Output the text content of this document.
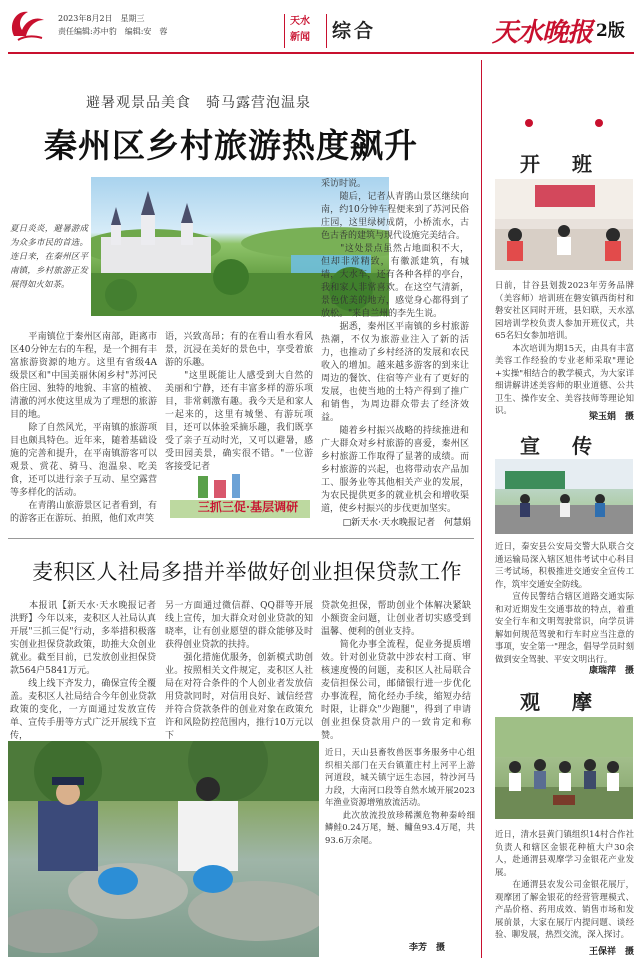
2023年8月2日　星期三
责任编辑:苏中豹　编辑:安　蓉
天水
新闻 综合	天水晚报 2版
避暑观景品美食　骑马露营泡温泉
秦州区乡村旅游热度飙升
夏日炎炎，避暑游成为众多市民的首选。连日来，在秦州区平南镇，乡村旅游正发展得如火如茶。
　　平南镇位于秦州区南部，距离市区40分钟左右的车程，是一个拥有丰富旅游资源的地方。这里有省级4A级景区和"中国美丽休闲乡村"苏河民俗庄园、独特的地貌、丰富的植被、清澈的河水使这里成为了理想的旅游目的地。
　　除了自然风光，平南镇的旅游项目也颇具特色。近年来，随着基础设施的完善和提升，在平南镇游客可以观景、赏花、骑马、泡温泉、吃美食，还可以进行亲子互动、星空露营等多样化的活动。
　　在青鹃山旅游景区记者看到，有的游客正在游玩、拍照，他们欢声笑
语，兴致高昂；有的在看山看水看风景，沉浸在美好的景色中，享受着旅游的乐趣。
　　"这里既能让人感受到大自然的美丽和宁静，还有丰富多样的游乐项目，非常刺激有趣。我今天是和家人一起来的，这里有城堡、有游玩项目，还可以体验采摘乐趣，我们既享受了亲子互动时光，又可以避暑，感受田园美景，确实很不错。"一位游客接受记者
三抓三促·基层调研
采访时说。
　　随后，记者从青鹃山景区继续向南，约10分钟车程便来到了苏河民俗庄园，这里绿树成荫，小桥流水，古色古香的建筑与现代设施完美结合。
　　"这处景点虽然占地面积不大，但却非常精致，有徽派建筑，有城墙，大水车，还有各种各样的亭台，我和家人非常喜欢。在这空气清新，景色优美的地方，感觉身心都得到了放松。"来自兰州的李先生说。
　　据悉，秦州区平南镇的乡村旅游热潮，不仅为旅游业注入了新的活力，也推动了乡村经济的发展和农民收入的增加。越来越多游客的到来让周边的餐饮、住宿等产业有了更好的发展，也使当地的土特产得到了推广和销售，为周边群众带去了经济效益。
　　随着乡村振兴战略的持续推进和广大群众对乡村旅游的喜爱，秦州区乡村旅游工作取得了显著的成绩。而乡村旅游的兴起，也将带动农产品加工、服务业等其他相关产业的发展，为农民提供更多的就业机会和增收渠道，使乡村振兴的步伐更加坚实。
□新天水·天水晚报记者　何慧娟
麦积区人社局多措并举做好创业担保贷款工作
　　本报讯【新天水·天水晚报记者洪野】今年以来，麦积区人社局认真开展"三抓三促"行动，多举措积极落实创业担保贷款政策，助推大众创业就业。截至目前，已发放创业担保贷款564户5841万元。
　　线上线下齐发力，确保宣传全覆盖。麦积区人社局结合今年创业贷款政策的变化，一方面通过发放宣传单、宣传手册等方式广泛开展线下宣传，
另一方面通过微信群、QQ群等开展线上宣传，加大群众对创业贷款的知晓率，让有创业愿望的群众能够及时获得创业贷款的扶持。
　　强化措施优服务，创新模式助创业。按照相关文件规定，麦积区人社局在对符合条件的个人创业者发放信用贷款同时，对信用良好、诚信经营并符合贷款条件的创业对象在政策允许和风险防控范围内，推行10万元以下
贷款免担保，帮助创业个体解决紧缺小额资金问题，让创业者切实感受到温馨、便利的创业支持。
　　简化办事全流程，促业务提质增效。针对创业贷款中涉农村工商、审核速度慢的问题，麦积区人社局联合麦信担保公司，邮储银行进一步优化办事流程，简化经办手续，缩短办结时限，让群众"少跑腿"，得到了申请创业担保贷款用户的一致肯定和称赞。
近日，天山县畜牧兽医事务服务中心组织相关部门在天台镇董庄村上河平上游河道段，城关镇宁远生态园，特沙河马力段，大南河口段等自然水域开展2023年渔业资源增殖放流活动。
　　此次放流投放珍稀濒危物种秦岭细鳞鲑0.24万尾，鲢、鳙鱼93.4万尾，共93.6万余尾。
李芳　摄
开　班
日前，甘谷县划拨2023年劳务品牌（美容师）培训班在磐安镇西街村和磐安社区同时开班，县妇联，天水泓园培训学校负责人参加开班仪式，共65名妇女参加培训。
　　本次培训为期15天，由具有丰富美容工作经验的专业老师采取"理论+实操"相结合的教学模式，为大家详细讲解讲述美容师的职业道德、公共卫生、操作安全、美容技师等理论知识。
梁玉娟　摄
宣　传
近日，秦安县公安局交警大队联合交通运输局深入辖区旭伟考试中心科目三考试场，积极推进交通安全宣传工作，筑牢交通安全防线。
　　宣传民警结合辖区道路交通实际和对近期发生交通事故的特点，着重安全行车和文明驾驶常识，向学员讲解如何规范驾驶和行车时应当注意的事项，安全第一"理念，倡导学员时刻做到安全驾驶、平安文明出行。
康瑞萍　摄
观　摩
近日，清水县黄门镇组织14村合作社负责人和辖区金银花种植大户30余人，赴通渭县观摩学习金银花产业发展。
　　在通渭县农发公司金银花展厅，观摩团了解金银花的经营管理模式、产品价格、药用成效、销售市场和发展前景，大家在展厅内提问题、谈经验、聊发展，热烈交流，深入探讨。
王保祥　摄
